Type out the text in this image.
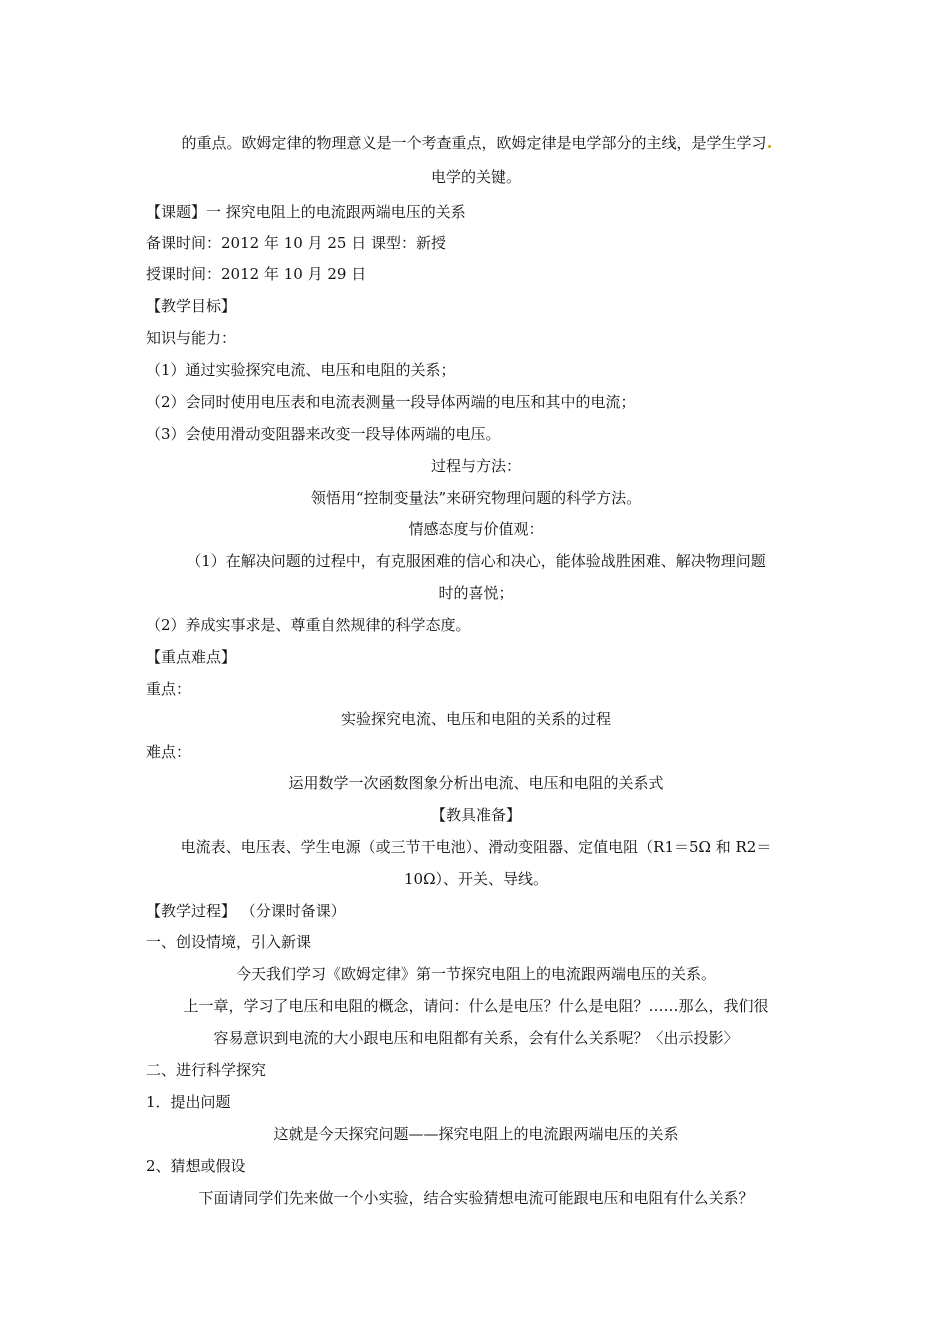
的重点。欧姆定律的物理意义是一个考查重点，欧姆定律是电学部分的主线，是学生学习
电学的关键。
【课题】一 探究电阻上的电流跟两端电压的关系
备课时间：2012 年 10 月 25 日 课型：新授
授课时间：2012 年 10 月 29 日
【教学目标】
知识与能力：
（1）通过实验探究电流、电压和电阻的关系；
（2）会同时使用电压表和电流表测量一段导体两端的电压和其中的电流；
（3）会使用滑动变阻器来改变一段导体两端的电压。
过程与方法：
领悟用“控制变量法”来研究物理问题的科学方法。
情感态度与价值观：
（1）在解决问题的过程中，有克服困难的信心和决心，能体验战胜困难、解决物理问题
时的喜悦；
（2）养成实事求是、尊重自然规律的科学态度。
【重点难点】
重点：
实验探究电流、电压和电阻的关系的过程
难点：
运用数学一次函数图象分析出电流、电压和电阻的关系式
【教具准备】
电流表、电压表、学生电源（或三节干电池）、滑动变阻器、定值电阻（R1＝5Ω 和 R2＝
10Ω）、开关、导线。
【教学过程】 （分课时备课）
一、创设情境，引入新课
今天我们学习《欧姆定律》第一节探究电阻上的电流跟两端电压的关系。
上一章，学习了电压和电阻的概念，请问：什么是电压？什么是电阻？……那么，我们很
容易意识到电流的大小跟电压和电阻都有关系，会有什么关系呢？〈出示投影〉
二、进行科学探究
1．提出问题
这就是今天探究问题——探究电阻上的电流跟两端电压的关系
2、猜想或假设
下面请同学们先来做一个小实验，结合实验猜想电流可能跟电压和电阻有什么关系？
